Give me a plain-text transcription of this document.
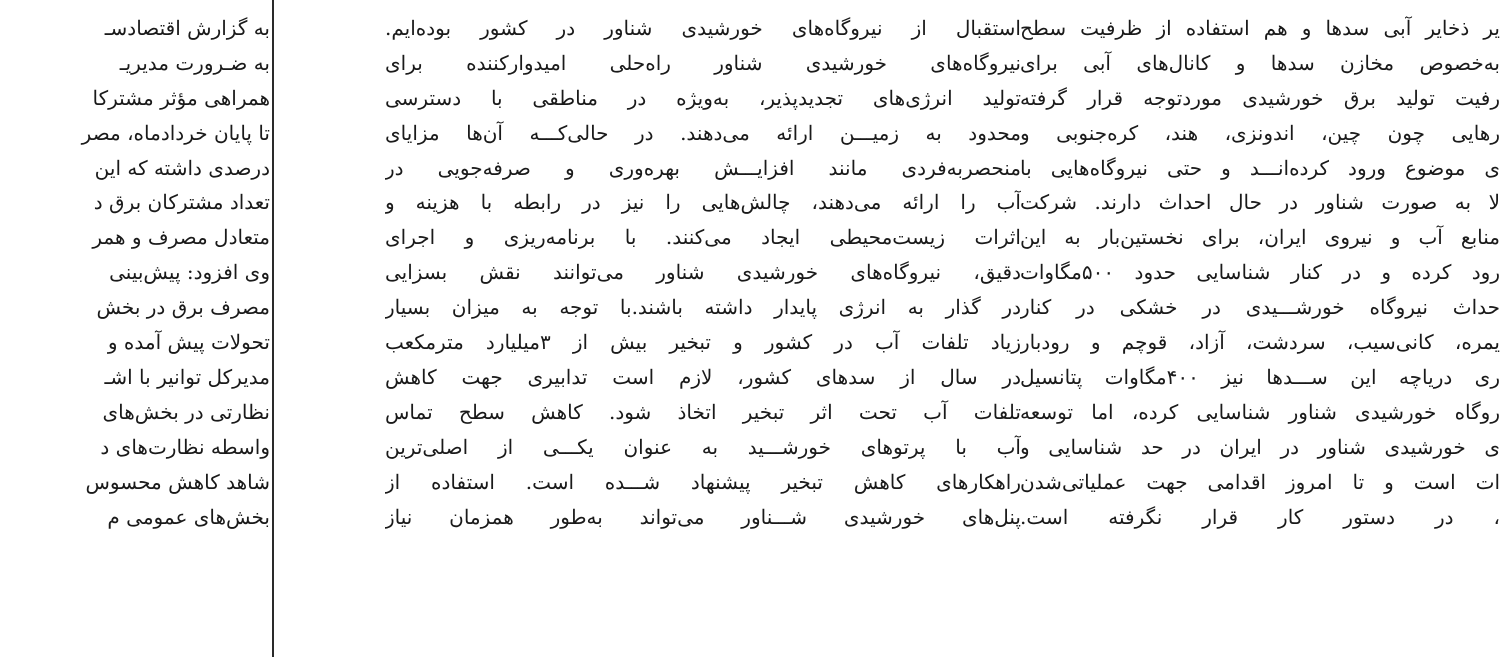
یر ذخایر آبی سدها و هم استفاده از ظرفیت سطح

به‌خصوص مخازن سدها و کانال‌های آبی برای

رفیت تولید برق خورشیدی موردتوجه قرار گرفته

رهایی چون چین، اندونزی، هند، کره‌جنوبی و

ی موضوع ورود کرده‌انـــد و حتی نیروگاه‌هایی با

لا به صورت شناور در حال احداث دارند. شرکت

منابع آب و نیروی ایران، برای نخستین‌بار به این

رود کرده و در کنار شناسایی حدود ۵۰۰مگاوات

حداث نیروگاه خورشـــیدی در خشکی در کنار

یمره، کانی‌سیب، سردشت، آزاد، قوچم و رودبار

ری دریاچه این ســـدها نیز ۴۰۰مگاوات پتانسیل

روگاه خورشیدی شناور شناسایی کرده، اما توسعه

ی خورشیدی شناور در ایران در حد شناسایی و

ات است و تا امروز اقدامی جهت عملیاتی‌شدن

، در دستور کار قرار نگرفته است.

استقبال از نیروگاه‌های خورشیدی شناور در کشور بوده‌ایم.

نیروگاه‌های خورشیدی شناور راه‌حلی امیدوارکننده برای

تولید انرژی‌های تجدیدپذیر، به‌ویژه در مناطقی با دسترسی

محدود به زمیـــن ارائه می‌دهند. در حالی‌کـــه آن‌ها مزایای

منحصربه‌فردی مانند افزایـــش بهره‌وری و صرفه‌جویی در

آب را ارائه می‌دهند، چالش‌هایی را نیز در رابطه با هزینه و

اثرات زیست‌محیطی ایجاد می‌کنند. با برنامه‌ریزی و اجرای

دقیق، نیروگاه‌های خورشیدی شناور می‌توانند نقش بسزایی

در گذار به انرژی پایدار داشته باشند.با توجه به میزان بسیار

زیاد تلفات آب در کشور و تبخیر بیش از ۳میلیارد مترمکعب

در سال از سدهای کشور، لازم است تدابیری جهت کاهش

تلفات آب تحت اثر تبخیر اتخاذ شود. کاهش سطح تماس

آب با پرتوهای خورشـــید به عنوان یکـــی از اصلی‌ترین

راهکارهای کاهش تبخیر پیشنهاد شـــده است. استفاده از

پنل‌های خورشیدی شـــناور می‌تواند به‌طور همزمان نیاز

به گزارش اقتصادسـ

به ضـرورت مدیریـ

همراهی مؤثر مشترکا

تا پایان خردادماه، مصر

درصدی داشته که این

تعداد مشترکان برق د

متعادل مصرف و همر

وی افزود: پیش‌بینی

مصرف برق در بخش

تحولات پیش آمده و

مدیرکل توانیر با اشـ

نظارتی در بخش‌های

واسطه نظارت‌های د

شاهد کاهش محسوس

بخش‌های عمومی م
